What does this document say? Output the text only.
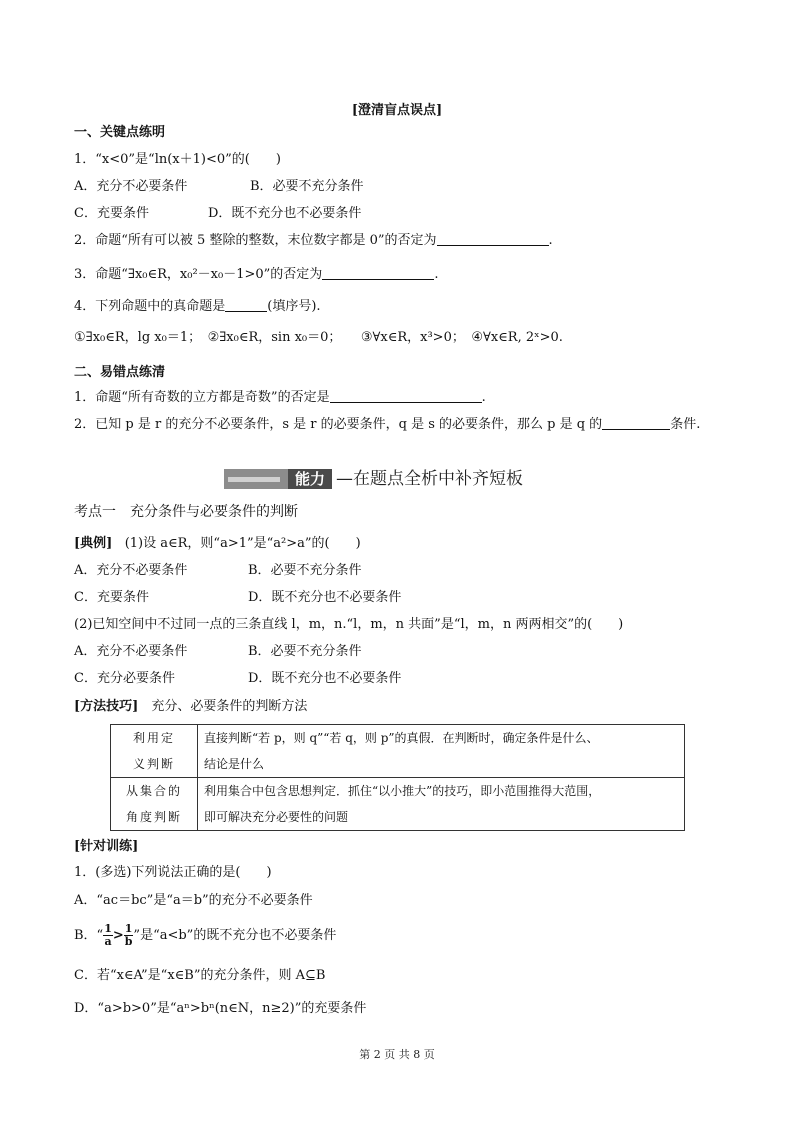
[澄清盲点误点]
一、关键点练明
1．“x<0”是“ln(x＋1)<0”的(　　)
A．充分不必要条件	B．必要不充分条件
C．充要条件	D．既不充分也不必要条件
2．命题“所有可以被 5 整除的整数，末位数字都是 0”的否定为	.
3．命题“∃x₀∈R，x₀²－x₀－1>0”的否定为	.
4．下列命题中的真命题是	(填序号).
①∃x₀∈R，lg x₀＝1；　②∃x₀∈R，sin x₀＝0；　　③∀x∈R，x³>0；　④∀x∈R, 2ˣ>0.
二、易错点练清
1．命题“所有奇数的立方都是奇数”的否定是	.
2．已知 p 是 r 的充分不必要条件，s 是 r 的必要条件，q 是 s 的必要条件，那么 p 是 q 的	条件.
能力 —在题点全析中补齐短板
考点一　充分条件与必要条件的判断
[典例] (1)设 a∈R，则“a>1”是“a²>a”的(　　)
A．充分不必要条件	B．必要不充分条件
C．充要条件	D．既不充分也不必要条件
(2)已知空间中不过同一点的三条直线 l，m，n.“l，m，n 共面”是“l，m，n 两两相交”的(　　)
A．充分不必要条件	B．必要不充分条件
C．充分必要条件	D．既不充分也不必要条件
[方法技巧]　充分、必要条件的判断方法
利用定
义判断	直接判断“若 p，则 q”“若 q，则 p”的真假．在判断时，确定条件是什么、
结论是什么
从集合的
角度判断	利用集合中包含思想判定．抓住“以小推大”的技巧，即小范围推得大范围，
即可解决充分必要性的问题
[针对训练]
1．(多选)下列说法正确的是(　　)
A．“ac＝bc”是“a＝b”的充分不必要条件
B．“ $\frac{1}{a} > \frac{1}{b}$ ”是“a<b”的既不充分也不必要条件
C．若“x∈A”是“x∈B”的充分条件，则 A⊆B
D．“a>b>0”是“aⁿ>bⁿ(n∈N，n≥2)”的充要条件
第 2 页 共 8 页
